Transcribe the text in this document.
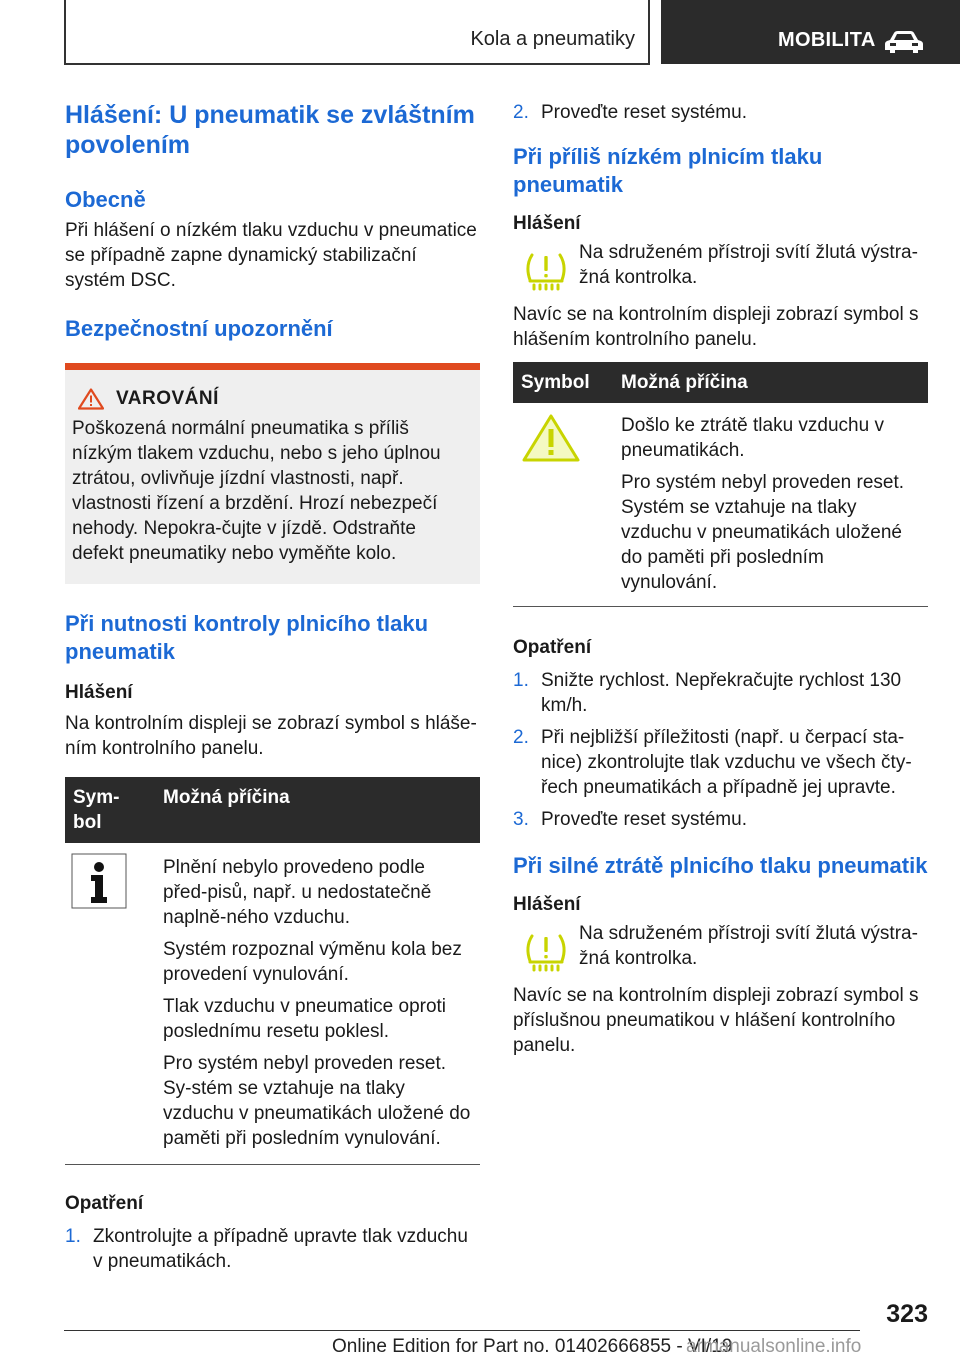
Kola a pneumatiky	MOBILITA
Hlášení: U pneumatik se zvláštním povolením
Obecně

Při hlášení o nízkém tlaku vzduchu v pneumatice se případně zapne dynamický stabilizační systém DSC.

Bezpečnostní upozornění
VAROVÁNÍ

Poškozená normální pneumatika s příliš nízkým tlakem vzduchu, nebo s jeho úplnou ztrátou, ovlivňuje jízdní vlastnosti, např. vlastnosti řízení a brzdění. Hrozí nebezpečí nehody. Nepokra‐čujte v jízdě. Odstraňte defekt pneumatiky nebo vyměňte kolo.

Při nutnosti kontroly plnicího tlaku pneumatik

Hlášení

Na kontrolním displeji se zobrazí symbol s hláše‐ním kontrolního panelu.

Sym‐bol	Možná příčina

Plnění nebylo provedeno podle před‐pisů, např. u nedostatečně naplně‐ného vzduchu.

Systém rozpoznal výměnu kola bez provedení vynulování.

Tlak vzduchu v pneumatice oproti poslednímu resetu poklesl.

Pro systém nebyl proveden reset. Sy‐stém se vztahuje na tlaky vzduchu v pneumatikách uložené do paměti při posledním vynulování.

Opatření

1. Zkontrolujte a případně upravte tlak vzduchu v pneumatikách.
2. Proveďte reset systému.
Při příliš nízkém plnicím tlaku pneumatik

Hlášení

Na sdruženém přístroji svítí žlutá výstra‐žná kontrolka.

Navíc se na kontrolním displeji zobrazí symbol s hlášením kontrolního panelu.

Symbol	Možná příčina

Došlo ke ztrátě tlaku vzduchu v pneumatikách.

Pro systém nebyl proveden reset. Systém se vztahuje na tlaky vzduchu v pneumatikách uložené do paměti při posledním vynulování.

Opatření

1. Snižte rychlost. Nepřekračujte rychlost 130 km/h.
2. Při nejbližší příležitosti (např. u čerpací sta‐nice) zkontrolujte tlak vzduchu ve všech čty‐řech pneumatikách a případně jej upravte.
3. Proveďte reset systému.
Při silné ztrátě plnicího tlaku pneumatik

Hlášení

Na sdruženém přístroji svítí žlutá výstra‐žná kontrolka.

Navíc se na kontrolním displeji zobrazí symbol s příslušnou pneumatikou v hlášení kontrolního panelu.

323
Online Edition for Part no. 01402666855 - VI/19
armanualsonline.info
